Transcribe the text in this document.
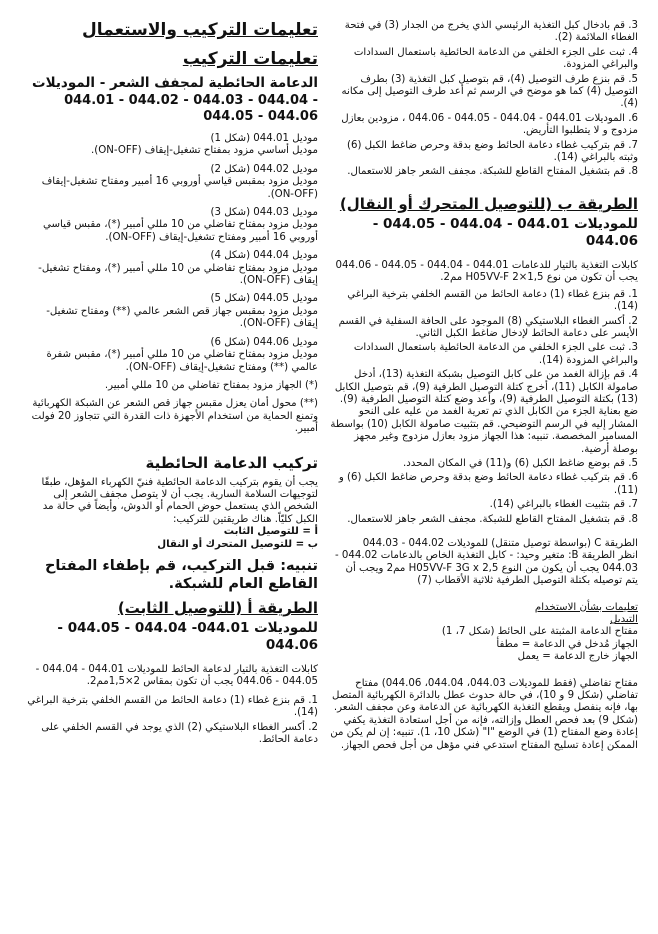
3. قم بادخال كبل التغذية الرئيسي الذي يخرج من الجدار (3) في فتحة الغطاء الملائمة (2).
4. ثبت على الجزء الخلفي من الدعامة الحائطية باستعمال السدادات والبراغي المزودة.
5. قم بنزع طرف التوصيل (4)، قم بتوصيل كبل التغذية (3) بطرف التوصيل (4) كما هو موضح في الرسم ثم أعد طرف التوصيل إلى مكانه (4).
6. الموديلات 044.01 - 044.04 - 044.05 - 044.06 ، مزودين بعازل مزدوج و لا يتطلبوا التأريض.
7. قم بتركيب غطاء دعامة الحائط وضع بدقة وحرص ضاغط الكبل (6) وثبته بالبراغي (14).
8. قم بتشغيل المفتاح القاطع للشبكة. مجفف الشعر جاهز للاستعمال.
الطريقة ب (للتوصيل المتحرك أو النقال)
للموديلات 044.01 - 044.04 - 044.05 - 044.06

كابلات التغذية بالتيار للدعامات 044.01 - 044.04 - 044.05 - 044.06 يجب أن تكون من نوع H05VV-F 2×1,5 مم2.

1. قم بنزع غطاء (1) دعامة الحائط من القسم الخلفي بترخية البراغي (14).
2. أكسر الغطاء البلاستيكي (8) الموجود على الحافة السفلية في القسم الأيسر على دعامة الحائط لإدخال ضاغط الكبل الثاني.
3. ثبت على الجزء الخلفي من الدعامة الحائطية باستعمال السدادات والبراغي المزودة (14).
4. قم بإزالة الغمد من على كابل التوصيل بشبكة التغذية (13)، أدخل صامولة الكابل (11)، أخرج كتلة التوصيل الطرفية (9)، قم بتوصيل الكابل (13) بكتلة التوصيل الطرفية (9)، وأعد وضع كتلة التوصيل الطرفية (9). ضع بعناية الجزء من الكابل الذي تم تعرية الغمد من عليه على النحو المشار إليه في الرسم التوضيحي. قم بتثبيت صامولة الكابل (10) بواسطة المسامير المخصصة. تنبيه: هذا الجهاز مزود بعازل مزدوج وغير مجهز بوصلة أرضية.
5. قم بوضع ضاغط الكبل (6) و(11) في المكان المحدد.
6. قم بتركيب غطاء دعامة الحائط وضع بدقة وحرص ضاغط الكبل (6) و (11).
7. قم بتثبيت الغطاء بالبراغي (14).
8. قم بتشغيل المفتاح القاطع للشبكة. مجفف الشعر جاهز للاستعمال.

الطريقة C (بواسطة توصيل متنقل) للموديلات 044.02 - 044.03

انظر الطريقة B: متغير وحيد: - كابل التغذية الخاص بالدعامات 044.02 - 044.03 يجب أن يكون من النوع H05VV-F 3G x 2,5 مم2 ويجب أن يتم توصيله بكتلة التوصيل الطرفية ثلاثية الأقطاب (7)

تعليمات بشأن الاستخدام

التبديل

مفتاح الدعامة المثبتة على الحائط (شكل 7، 1)

الجهاز مُدخل في الدعامة = مطفأ

الجهاز خارج الدعامة = يعمل

مفتاح تفاضلي (فقط للموديلات 044.03، 044.04، 044.06) مفتاح تفاضلي (شكل 9 و 10)، في حالة حدوث عطل بالدائرة الكهربائية المتصل بها، فإنه ينفصل ويقطع التغذية الكهربائية عن الدعامة وعن مجفف الشعر. (شكل 9) بعد فحص العطل وإزالته، فإنه من أجل استعادة التغذية يكفي إعادة وضع المفتاح (1) في الوضع "I" (شكل 10، 1). تنبيه: إن لم يكن من الممكن إعادة تسليح المفتاح استدعي فني مؤهل من أجل فحص الجهاز.

تعليمات التركيب والاستعمال
تعليمات التركيب
الدعامة الحائطية لمجفف الشعر - الموديلات
044.01 - 044.02 - 044.03 - 044.04 - 044.05 - 044.06

موديل 044.01 (شكل 1)

موديل أساسي مزود بمفتاح تشغيل-إيقاف (ON-OFF).

موديل 044.02 (شكل 2)

موديل مزود بمقبس قياسي أوروبي 16 أمبير ومفتاح تشغيل-إيقاف (ON-OFF).

موديل 044.03 (شكل 3)

موديل مزود بمفتاح تفاضلي من 10 مللي أمبير (*)، مقبس قياسي أوروبي 16 أمبير ومفتاح تشغيل-إيقاف (ON-OFF).

موديل 044.04 (شكل 4)

موديل مزود بمفتاح تفاضلي من 10 مللي أمبير (*)، ومفتاح تشغيل-إيقاف (ON-OFF).

موديل 044.05 (شكل 5)

موديل مزود بمقبس جهاز قص الشعر عالمي (**) ومفتاح تشغيل-إيقاف (ON-OFF).

موديل 044.06 (شكل 6)

موديل مزود بمفتاح تفاضلي من 10 مللي أمبير (*)، مقبس شفرة عالمي (**) ومفتاح تشغيل-إيقاف (ON-OFF).

(*) الجهاز مزود بمفتاح تفاضلي من 10 مللي أمبير.

(**) محول أمان يعزل مقبس جهاز قص الشعر عن الشبكة الكهربائية وتمنع الحماية من استخدام الأجهزة ذات القدرة التي تتجاوز 20 فولت أمبير.

تركيب الدعامة الحائطية

يجب أن يقوم بتركيب الدعامة الحائطية فنيّ الكهرباء المؤهل، طبقًا لتوجيهات السلامة السارية. يجب أن لا يتوصل مجفف الشعر إلى الشخص الذي يستعمل حوض الحمام أو الدوش، وأيضاً في حالة مد الكبل كليّاً. هناك طريقتين للتركيب:

أ = للتوصيل الثابت

ب = للتوصيل المتحرك أو النقال

تنبيه: قبل التركيب، قم بإطفاء المفتاح القاطع العام للشبكة.
الطريقة أ (للتوصيل الثابت)
للموديلات 044.01- 044.04 - 044.05 - 044.06

كابلات التغذية بالتيار لدعامة الحائط للموديلات 044.01 - 044.04 - 044.05 - 044.06 يجب أن تكون بمقاس 2×1,5مم2.

1. قم بنزع غطاء (1) دعامة الحائط من القسم الخلفي بترخية البراغي (14).
2. أكسر الغطاء البلاستيكي (2) الذي يوجد في القسم الخلفي على دعامة الحائط.
